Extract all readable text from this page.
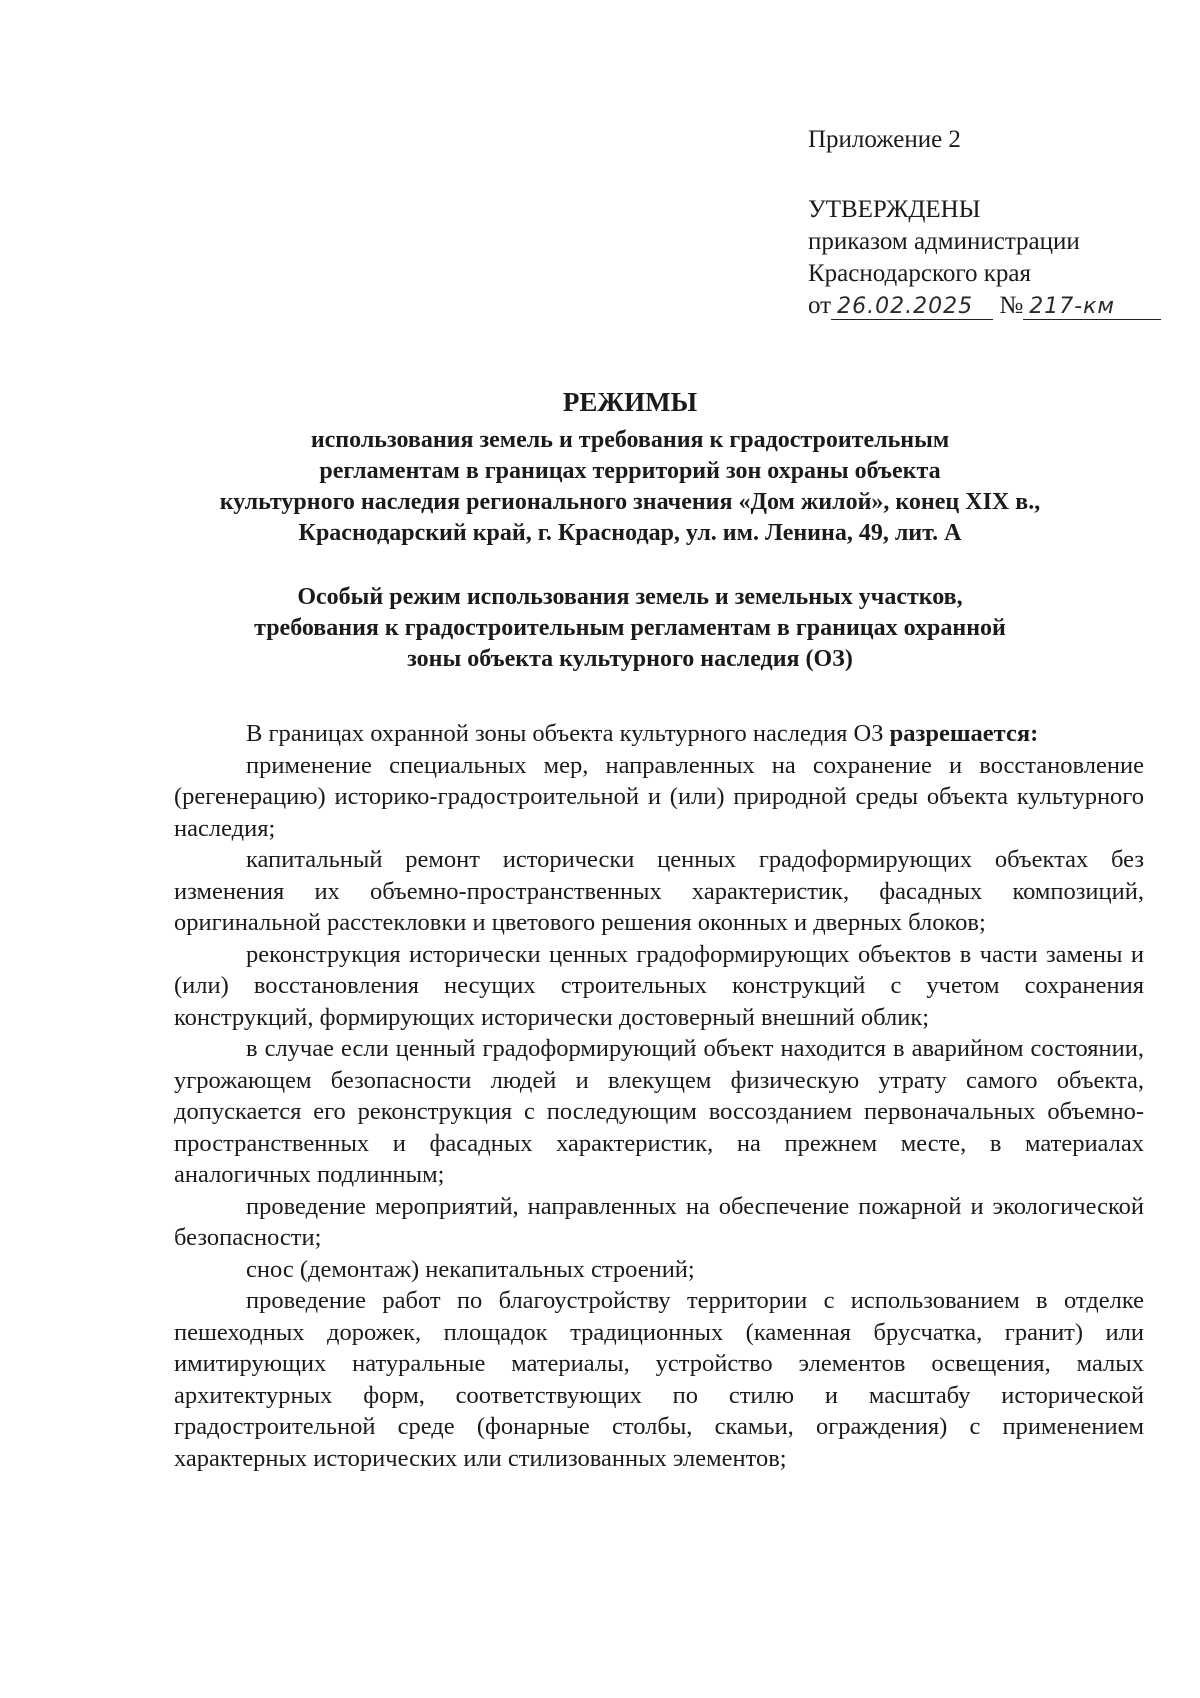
Приложение 2
УТВЕРЖДЕНЫ
приказом администрации
Краснодарского края
от 26.02.2025 № 217-км
РЕЖИМЫ
использования земель и требования к градостроительным
регламентам в границах территорий зон охраны объекта
культурного наследия регионального значения «Дом жилой», конец XIX в.,
Краснодарский край, г. Краснодар, ул. им. Ленина, 49, лит. А
Особый режим использования земель и земельных участков,
требования к градостроительным регламентам в границах охранной
зоны объекта культурного наследия (ОЗ)

В границах охранной зоны объекта культурного наследия ОЗ разрешается:

применение специальных мер, направленных на сохранение и восстановление (регенерацию) историко-градостроительной и (или) природной среды объекта культурного наследия;

капитальный ремонт исторически ценных градоформирующих объектах без изменения их объемно-пространственных характеристик, фасадных композиций, оригинальной расстекловки и цветового решения оконных и дверных блоков;

реконструкция исторически ценных градоформирующих объектов в части замены и (или) восстановления несущих строительных конструкций с учетом сохранения конструкций, формирующих исторически достоверный внешний облик;

в случае если ценный градоформирующий объект находится в аварийном состоянии, угрожающем безопасности людей и влекущем физическую утрату самого объекта, допускается его реконструкция с последующим воссозданием первоначальных объемно-пространственных и фасадных характеристик, на прежнем месте, в материалах аналогичных подлинным;

проведение мероприятий, направленных на обеспечение пожарной и экологической безопасности;

снос (демонтаж) некапитальных строений;

проведение работ по благоустройству территории с использованием в отделке пешеходных дорожек, площадок традиционных (каменная брусчатка, гранит) или имитирующих натуральные материалы, устройство элементов освещения, малых архитектурных форм, соответствующих по стилю и масштабу исторической градостроительной среде (фонарные столбы, скамьи, ограждения) с применением характерных исторических или стилизованных элементов;
